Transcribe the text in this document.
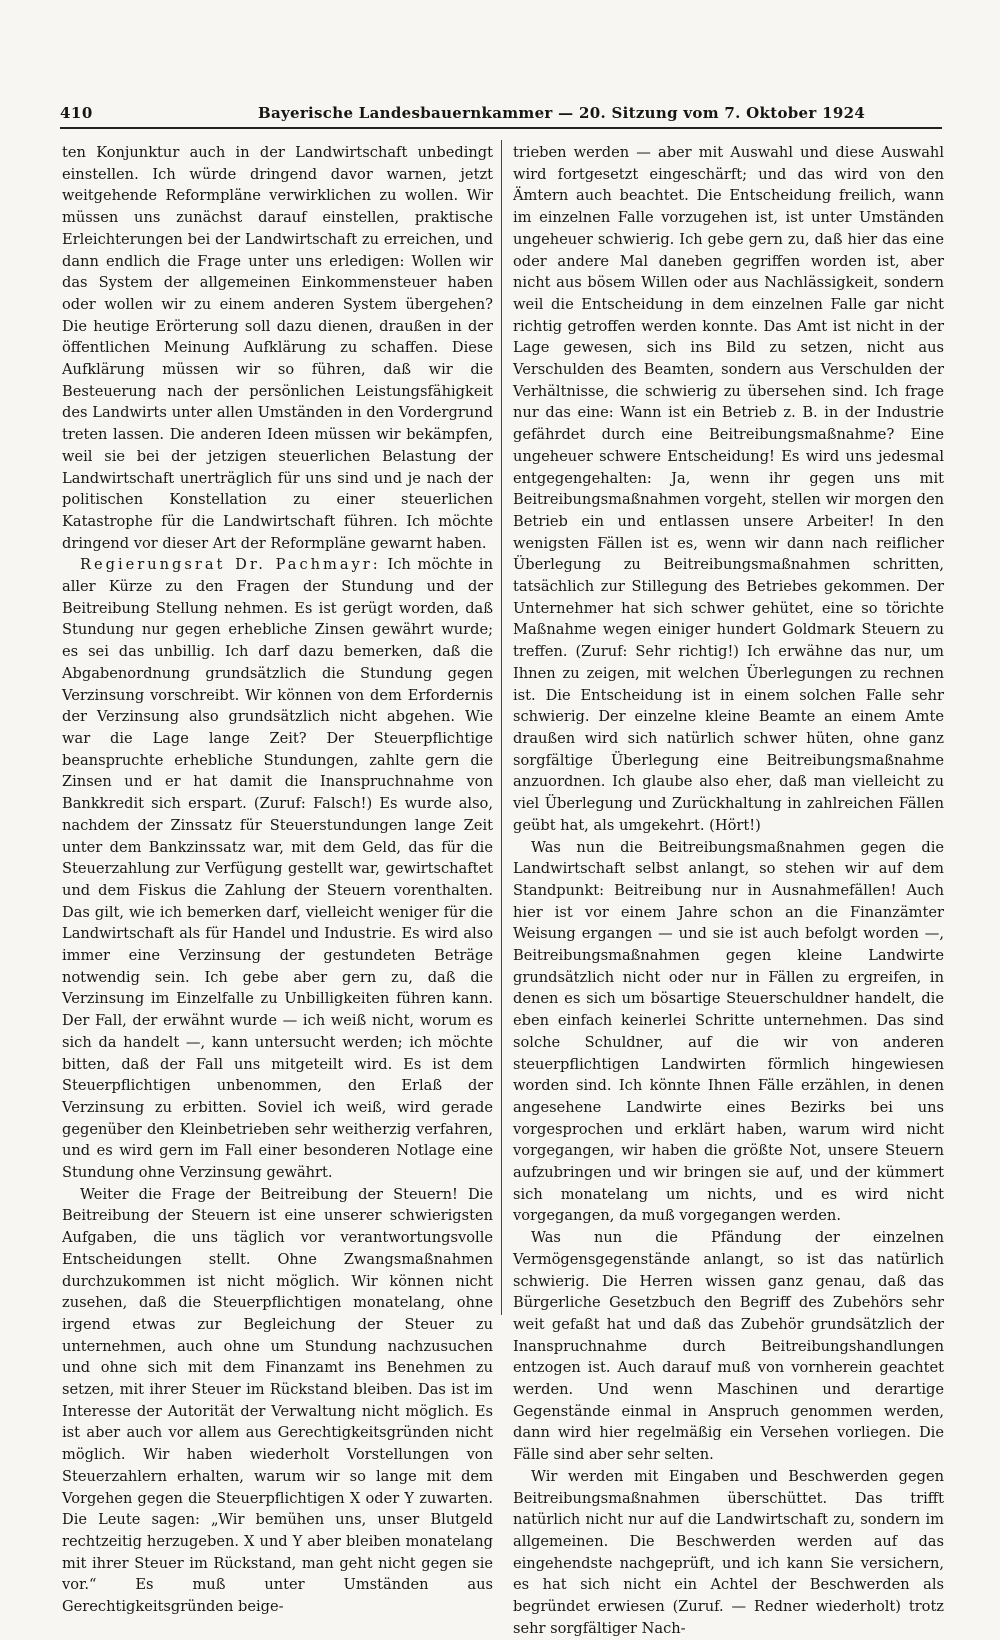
410	Bayerische Landesbauernkammer — 20. Sitzung vom 7. Oktober 1924

ten Konjunktur auch in der Landwirtschaft unbedingt einstellen. Ich würde dringend davor warnen, jetzt weitgehende Reformpläne verwirklichen zu wollen. Wir müssen uns zunächst darauf einstellen, praktische Erleichterungen bei der Landwirtschaft zu erreichen, und dann endlich die Frage unter uns erledigen: Wollen wir das System der allgemeinen Einkommensteuer haben oder wollen wir zu einem anderen System übergehen? Die heutige Erörterung soll dazu dienen, draußen in der öffentlichen Meinung Aufklärung zu schaffen. Diese Aufklärung müssen wir so führen, daß wir die Besteuerung nach der persönlichen Leistungsfähigkeit des Landwirts unter allen Umständen in den Vordergrund treten lassen. Die anderen Ideen müssen wir bekämpfen, weil sie bei der jetzigen steuerlichen Belastung der Landwirtschaft unerträglich für uns sind und je nach der politischen Konstellation zu einer steuerlichen Katastrophe für die Landwirtschaft führen. Ich möchte dringend vor dieser Art der Reformpläne gewarnt haben.

Regierungsrat Dr. Pachmayr: Ich möchte in aller Kürze zu den Fragen der Stundung und der Beitreibung Stellung nehmen. Es ist gerügt worden, daß Stundung nur gegen erhebliche Zinsen gewährt wurde; es sei das unbillig. Ich darf dazu bemerken, daß die Abgabenordnung grundsätzlich die Stundung gegen Verzinsung vorschreibt. Wir können von dem Erfordernis der Verzinsung also grundsätzlich nicht abgehen. Wie war die Lage lange Zeit? Der Steuerpflichtige beanspruchte erhebliche Stundungen, zahlte gern die Zinsen und er hat damit die Inanspruchnahme von Bankkredit sich erspart. (Zuruf: Falsch!) Es wurde also, nachdem der Zinssatz für Steuerstundungen lange Zeit unter dem Bankzinssatz war, mit dem Geld, das für die Steuerzahlung zur Verfügung gestellt war, gewirtschaftet und dem Fiskus die Zahlung der Steuern vorenthalten. Das gilt, wie ich bemerken darf, vielleicht weniger für die Landwirtschaft als für Handel und Industrie. Es wird also immer eine Verzinsung der gestundeten Beträge notwendig sein. Ich gebe aber gern zu, daß die Verzinsung im Einzelfalle zu Unbilligkeiten führen kann. Der Fall, der erwähnt wurde — ich weiß nicht, worum es sich da handelt —, kann untersucht werden; ich möchte bitten, daß der Fall uns mitgeteilt wird. Es ist dem Steuerpflichtigen unbenommen, den Erlaß der Verzinsung zu erbitten. Soviel ich weiß, wird gerade gegenüber den Kleinbetrieben sehr weitherzig verfahren, und es wird gern im Fall einer besonderen Notlage eine Stundung ohne Verzinsung gewährt.

Weiter die Frage der Beitreibung der Steuern! Die Beitreibung der Steuern ist eine unserer schwierigsten Aufgaben, die uns täglich vor verantwortungsvolle Entscheidungen stellt. Ohne Zwangsmaßnahmen durchzukommen ist nicht möglich. Wir können nicht zusehen, daß die Steuerpflichtigen monatelang, ohne irgend etwas zur Begleichung der Steuer zu unternehmen, auch ohne um Stundung nachzusuchen und ohne sich mit dem Finanzamt ins Benehmen zu setzen, mit ihrer Steuer im Rückstand bleiben. Das ist im Interesse der Autorität der Verwaltung nicht möglich. Es ist aber auch vor allem aus Gerechtigkeitsgründen nicht möglich. Wir haben wiederholt Vorstellungen von Steuerzahlern erhalten, warum wir so lange mit dem Vorgehen gegen die Steuerpflichtigen X oder Y zuwarten. Die Leute sagen: „Wir bemühen uns, unser Blutgeld rechtzeitig herzugeben. X und Y aber bleiben monatelang mit ihrer Steuer im Rückstand, man geht nicht gegen sie vor.“ Es muß unter Umständen aus Gerechtigkeitsgründen beige-

trieben werden — aber mit Auswahl und diese Auswahl wird fortgesetzt eingeschärft; und das wird von den Ämtern auch beachtet. Die Entscheidung freilich, wann im einzelnen Falle vorzugehen ist, ist unter Umständen ungeheuer schwierig. Ich gebe gern zu, daß hier das eine oder andere Mal daneben gegriffen worden ist, aber nicht aus bösem Willen oder aus Nachlässigkeit, sondern weil die Entscheidung in dem einzelnen Falle gar nicht richtig getroffen werden konnte. Das Amt ist nicht in der Lage gewesen, sich ins Bild zu setzen, nicht aus Verschulden des Beamten, sondern aus Verschulden der Verhältnisse, die schwierig zu übersehen sind. Ich frage nur das eine: Wann ist ein Betrieb z. B. in der Industrie gefährdet durch eine Beitreibungsmaßnahme? Eine ungeheuer schwere Entscheidung! Es wird uns jedesmal entgegengehalten: Ja, wenn ihr gegen uns mit Beitreibungsmaßnahmen vorgeht, stellen wir morgen den Betrieb ein und entlassen unsere Arbeiter! In den wenigsten Fällen ist es, wenn wir dann nach reiflicher Überlegung zu Beitreibungsmaßnahmen schritten, tatsächlich zur Stillegung des Betriebes gekommen. Der Unternehmer hat sich schwer gehütet, eine so törichte Maßnahme wegen einiger hundert Goldmark Steuern zu treffen. (Zuruf: Sehr richtig!) Ich erwähne das nur, um Ihnen zu zeigen, mit welchen Überlegungen zu rechnen ist. Die Entscheidung ist in einem solchen Falle sehr schwierig. Der einzelne kleine Beamte an einem Amte draußen wird sich natürlich schwer hüten, ohne ganz sorgfältige Überlegung eine Beitreibungsmaßnahme anzuordnen. Ich glaube also eher, daß man vielleicht zu viel Überlegung und Zurückhaltung in zahlreichen Fällen geübt hat, als umgekehrt. (Hört!)

Was nun die Beitreibungsmaßnahmen gegen die Landwirtschaft selbst anlangt, so stehen wir auf dem Standpunkt: Beitreibung nur in Ausnahmefällen! Auch hier ist vor einem Jahre schon an die Finanzämter Weisung ergangen — und sie ist auch befolgt worden —, Beitreibungsmaßnahmen gegen kleine Landwirte grundsätzlich nicht oder nur in Fällen zu ergreifen, in denen es sich um bösartige Steuerschuldner handelt, die eben einfach keinerlei Schritte unternehmen. Das sind solche Schuldner, auf die wir von anderen steuerpflichtigen Landwirten förmlich hingewiesen worden sind. Ich könnte Ihnen Fälle erzählen, in denen angesehene Landwirte eines Bezirks bei uns vorgesprochen und erklärt haben, warum wird nicht vorgegangen, wir haben die größte Not, unsere Steuern aufzubringen und wir bringen sie auf, und der kümmert sich monatelang um nichts, und es wird nicht vorgegangen, da muß vorgegangen werden.

Was nun die Pfändung der einzelnen Vermögensgegenstände anlangt, so ist das natürlich schwierig. Die Herren wissen ganz genau, daß das Bürgerliche Gesetzbuch den Begriff des Zubehörs sehr weit gefaßt hat und daß das Zubehör grundsätzlich der Inanspruchnahme durch Beitreibungshandlungen entzogen ist. Auch darauf muß von vornherein geachtet werden. Und wenn Maschinen und derartige Gegenstände einmal in Anspruch genommen werden, dann wird hier regelmäßig ein Versehen vorliegen. Die Fälle sind aber sehr selten.

Wir werden mit Eingaben und Beschwerden gegen Beitreibungsmaßnahmen überschüttet. Das trifft natürlich nicht nur auf die Landwirtschaft zu, sondern im allgemeinen. Die Beschwerden werden auf das eingehendste nachgeprüft, und ich kann Sie versichern, es hat sich nicht ein Achtel der Beschwerden als begründet erwiesen (Zuruf. — Redner wiederholt) trotz sehr sorgfältiger Nach-
